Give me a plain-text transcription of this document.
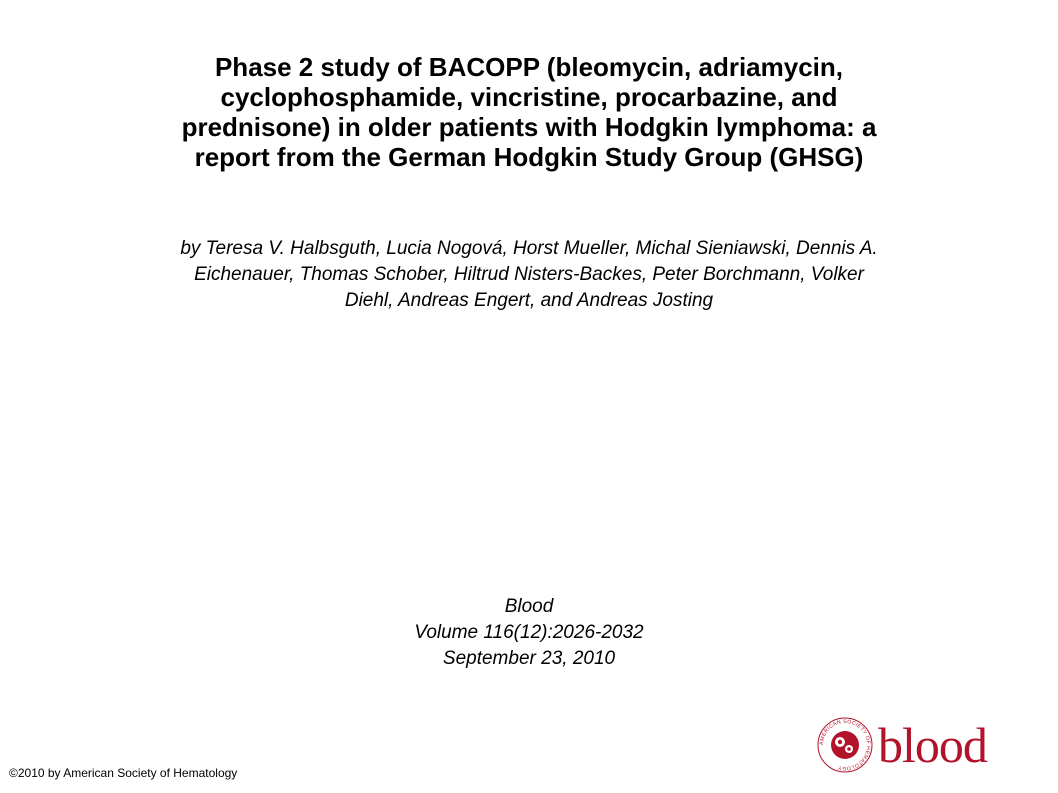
Phase 2 study of BACOPP (bleomycin, adriamycin,
cyclophosphamide, vincristine, procarbazine, and
prednisone) in older patients with Hodgkin lymphoma: a
report from the German Hodgkin Study Group (GHSG)
by Teresa V. Halbsguth, Lucia Nogová, Horst Mueller, Michal Sieniawski, Dennis A.
Eichenauer, Thomas Schober, Hiltrud Nisters-Backes, Peter Borchmann, Volker
Diehl, Andreas Engert, and Andreas Josting
Blood
Volume 116(12):2026-2032
September 23, 2010
©2010 by American Society of Hematology
AMERICAN SOCIETY OF HEMATOLOGY blood
